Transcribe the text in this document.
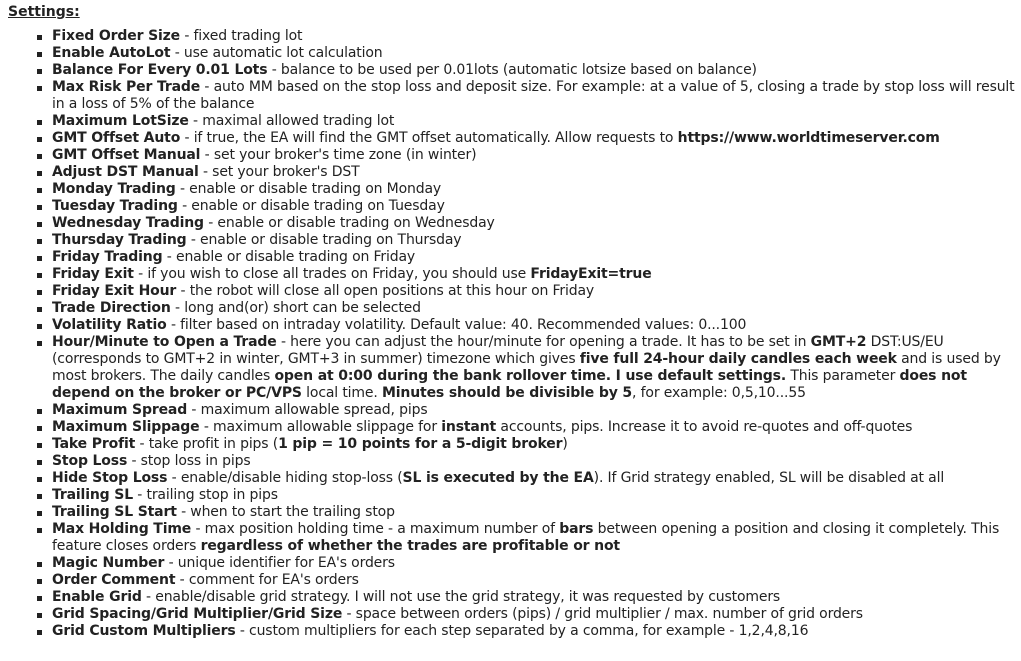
Settings:
Fixed Order Size - fixed trading lot
Enable AutoLot - use automatic lot calculation
Balance For Every 0.01 Lots - balance to be used per 0.01lots (automatic lotsize based on balance)
Max Risk Per Trade - auto MM based on the stop loss and deposit size. For example: at a value of 5, closing a trade by stop loss will result in a loss of 5% of the balance
Maximum LotSize - maximal allowed trading lot
GMT Offset Auto - if true, the EA will find the GMT offset automatically. Allow requests to https://www.worldtimeserver.com
GMT Offset Manual - set your broker's time zone (in winter)
Adjust DST Manual - set your broker's DST
Monday Trading - enable or disable trading on Monday
Tuesday Trading - enable or disable trading on Tuesday
Wednesday Trading - enable or disable trading on Wednesday
Thursday Trading - enable or disable trading on Thursday
Friday Trading - enable or disable trading on Friday
Friday Exit - if you wish to close all trades on Friday, you should use FridayExit=true
Friday Exit Hour - the robot will close all open positions at this hour on Friday
Trade Direction - long and(or) short can be selected
Volatility Ratio - filter based on intraday volatility. Default value: 40. Recommended values: 0...100
Hour/Minute to Open a Trade - here you can adjust the hour/minute for opening a trade. It has to be set in GMT+2 DST:US/EU (corresponds to GMT+2 in winter, GMT+3 in summer) timezone which gives five full 24-hour daily candles each week and is used by most brokers. The daily candles open at 0:00 during the bank rollover time. I use default settings. This parameter does not depend on the broker or PC/VPS local time. Minutes should be divisible by 5, for example: 0,5,10...55
Maximum Spread - maximum allowable spread, pips
Maximum Slippage - maximum allowable slippage for instant accounts, pips. Increase it to avoid re-quotes and off-quotes
Take Profit - take profit in pips (1 pip = 10 points for a 5-digit broker)
Stop Loss - stop loss in pips
Hide Stop Loss - enable/disable hiding stop-loss (SL is executed by the EA). If Grid strategy enabled, SL will be disabled at all
Trailing SL - trailing stop in pips
Trailing SL Start - when to start the trailing stop
Max Holding Time - max position holding time - a maximum number of bars between opening a position and closing it completely. This feature closes orders regardless of whether the trades are profitable or not
Magic Number - unique identifier for EA's orders
Order Comment - comment for EA's orders
Enable Grid - enable/disable grid strategy. I will not use the grid strategy, it was requested by customers
Grid Spacing/Grid Multiplier/Grid Size - space between orders (pips) / grid multiplier / max. number of grid orders
Grid Custom Multipliers - custom multipliers for each step separated by a comma, for example - 1,2,4,8,16
